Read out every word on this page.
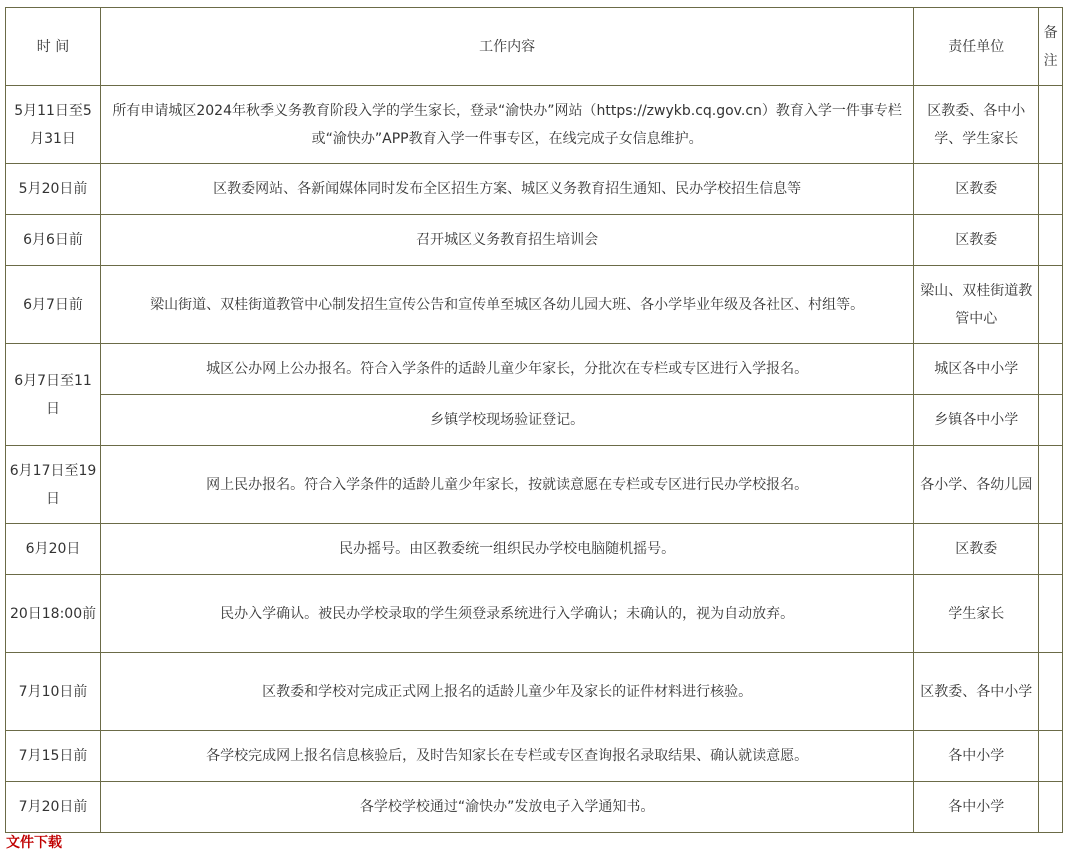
时 间	工作内容	责任单位	备注
5月11日至5月31日	所有申请城区2024年秋季义务教育阶段入学的学生家长，登录“渝快办”网站（https://zwykb.cq.gov.cn）教育入学一件事专栏或“渝快办”APP教育入学一件事专区，在线完成子女信息维护。	区教委、各中小学、学生家长	
5月20日前	区教委网站、各新闻媒体同时发布全区招生方案、城区义务教育招生通知、民办学校招生信息等	区教委	
6月6日前	召开城区义务教育招生培训会	区教委	
6月7日前	梁山街道、双桂街道教管中心制发招生宣传公告和宣传单至城区各幼儿园大班、各小学毕业年级及各社区、村组等。	梁山、双桂街道教管中心	
6月7日至11日	城区公办网上公办报名。符合入学条件的适龄儿童少年家长，分批次在专栏或专区进行入学报名。	城区各中小学	
	乡镇学校现场验证登记。	乡镇各中小学	
6月17日至19日	网上民办报名。符合入学条件的适龄儿童少年家长，按就读意愿在专栏或专区进行民办学校报名。	各小学、各幼儿园	
6月20日	民办摇号。由区教委统一组织民办学校电脑随机摇号。	区教委	
20日18:00前	民办入学确认。被民办学校录取的学生须登录系统进行入学确认；未确认的，视为自动放弃。	学生家长	
7月10日前	区教委和学校对完成正式网上报名的适龄儿童少年及家长的证件材料进行核验。	区教委、各中小学	
7月15日前	各学校完成网上报名信息核验后，及时告知家长在专栏或专区查询报名录取结果、确认就读意愿。	各中小学	
7月20日前	各学校学校通过“渝快办”发放电子入学通知书。	各中小学	
文件下载
